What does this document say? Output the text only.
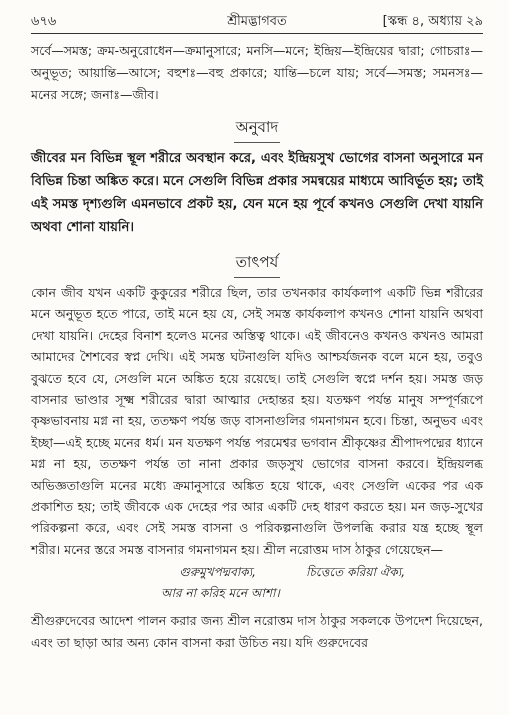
৬৭৬	শ্রীমদ্ভাগবত	[স্কন্ধ ৪, অধ্যায় ২৯

সর্বে—সমস্ত; ক্রম-অনুরোধেন—ক্রমানুসারে; মনসি—মনে; ইন্দ্রিয়—ইন্দ্রিয়ের দ্বারা; গোচরাঃ—অনুভূত; আয়ান্তি—আসে; বহুশঃ—বহু প্রকারে; যান্তি—চলে যায়; সর্বে—সমস্ত; সমনসঃ—মনের সঙ্গে; জনাঃ—জীব।

অনুবাদ

জীবের মন বিভিন্ন স্থূল শরীরে অবস্থান করে, এবং ইন্দ্রিয়সুখ ভোগের বাসনা অনুসারে মন বিভিন্ন চিন্তা অঙ্কিত করে। মনে সেগুলি বিভিন্ন প্রকার সমন্বয়ের মাধ্যমে আবির্ভূত হয়; তাই এই সমস্ত দৃশ্যগুলি এমনভাবে প্রকট হয়, যেন মনে হয় পূর্বে কখনও সেগুলি দেখা যায়নি অথবা শোনা যায়নি।

তাৎপর্য

কোন জীব যখন একটি কুকুরের শরীরে ছিল, তার তখনকার কার্যকলাপ একটি ভিন্ন শরীরের মনে অনুভূত হতে পারে, তাই মনে হয় যে, সেই সমস্ত কার্যকলাপ কখনও শোনা যায়নি অথবা দেখা যায়নি। দেহের বিনাশ হলেও মনের অস্তিত্ব থাকে। এই জীবনেও কখনও কখনও আমরা আমাদের শৈশবের স্বপ্ন দেখি। এই সমস্ত ঘটনাগুলি যদিও আশ্চর্যজনক বলে মনে হয়, তবুও বুঝতে হবে যে, সেগুলি মনে অঙ্কিত হয়ে রয়েছে। তাই সেগুলি স্বপ্নে দর্শন হয়। সমস্ত জড় বাসনার ভাণ্ডার সূক্ষ্ম শরীরের দ্বারা আত্মার দেহান্তর হয়। যতক্ষণ পর্যন্ত মানুষ সম্পূর্ণরূপে কৃষ্ণভাবনায় মগ্ন না হয়, ততক্ষণ পর্যন্ত জড় বাসনাগুলির গমনাগমন হবে। চিন্তা, অনুভব এবং ইচ্ছা—এই হচ্ছে মনের ধর্ম। মন যতক্ষণ পর্যন্ত পরমেশ্বর ভগবান শ্রীকৃষ্ণের শ্রীপাদপদ্মের ধ্যানে মগ্ন না হয়, ততক্ষণ পর্যন্ত তা নানা প্রকার জড়সুখ ভোগের বাসনা করবে। ইন্দ্রিয়লব্ধ অভিজ্ঞতাগুলি মনের মধ্যে ক্রমানুসারে অঙ্কিত হয়ে থাকে, এবং সেগুলি একের পর এক প্রকাশিত হয়; তাই জীবকে এক দেহের পর আর একটি দেহ ধারণ করতে হয়। মন জড়-সুখের পরিকল্পনা করে, এবং সেই সমস্ত বাসনা ও পরিকল্পনাগুলি উপলব্ধি করার যন্ত্র হচ্ছে স্থূল শরীর। মনের স্তরে সমস্ত বাসনার গমনাগমন হয়। শ্রীল নরোত্তম দাস ঠাকুর গেয়েছেন—

গুরুমুখপদ্মবাক্য,	চিত্তেতে করিয়া ঐক্য,
আর না করিহ মনে আশা।

শ্রীগুরুদেবের আদেশ পালন করার জন্য শ্রীল নরোত্তম দাস ঠাকুর সকলকে উপদেশ দিয়েছেন, এবং তা ছাড়া আর অন্য কোন বাসনা করা উচিত নয়। যদি গুরুদেবের
